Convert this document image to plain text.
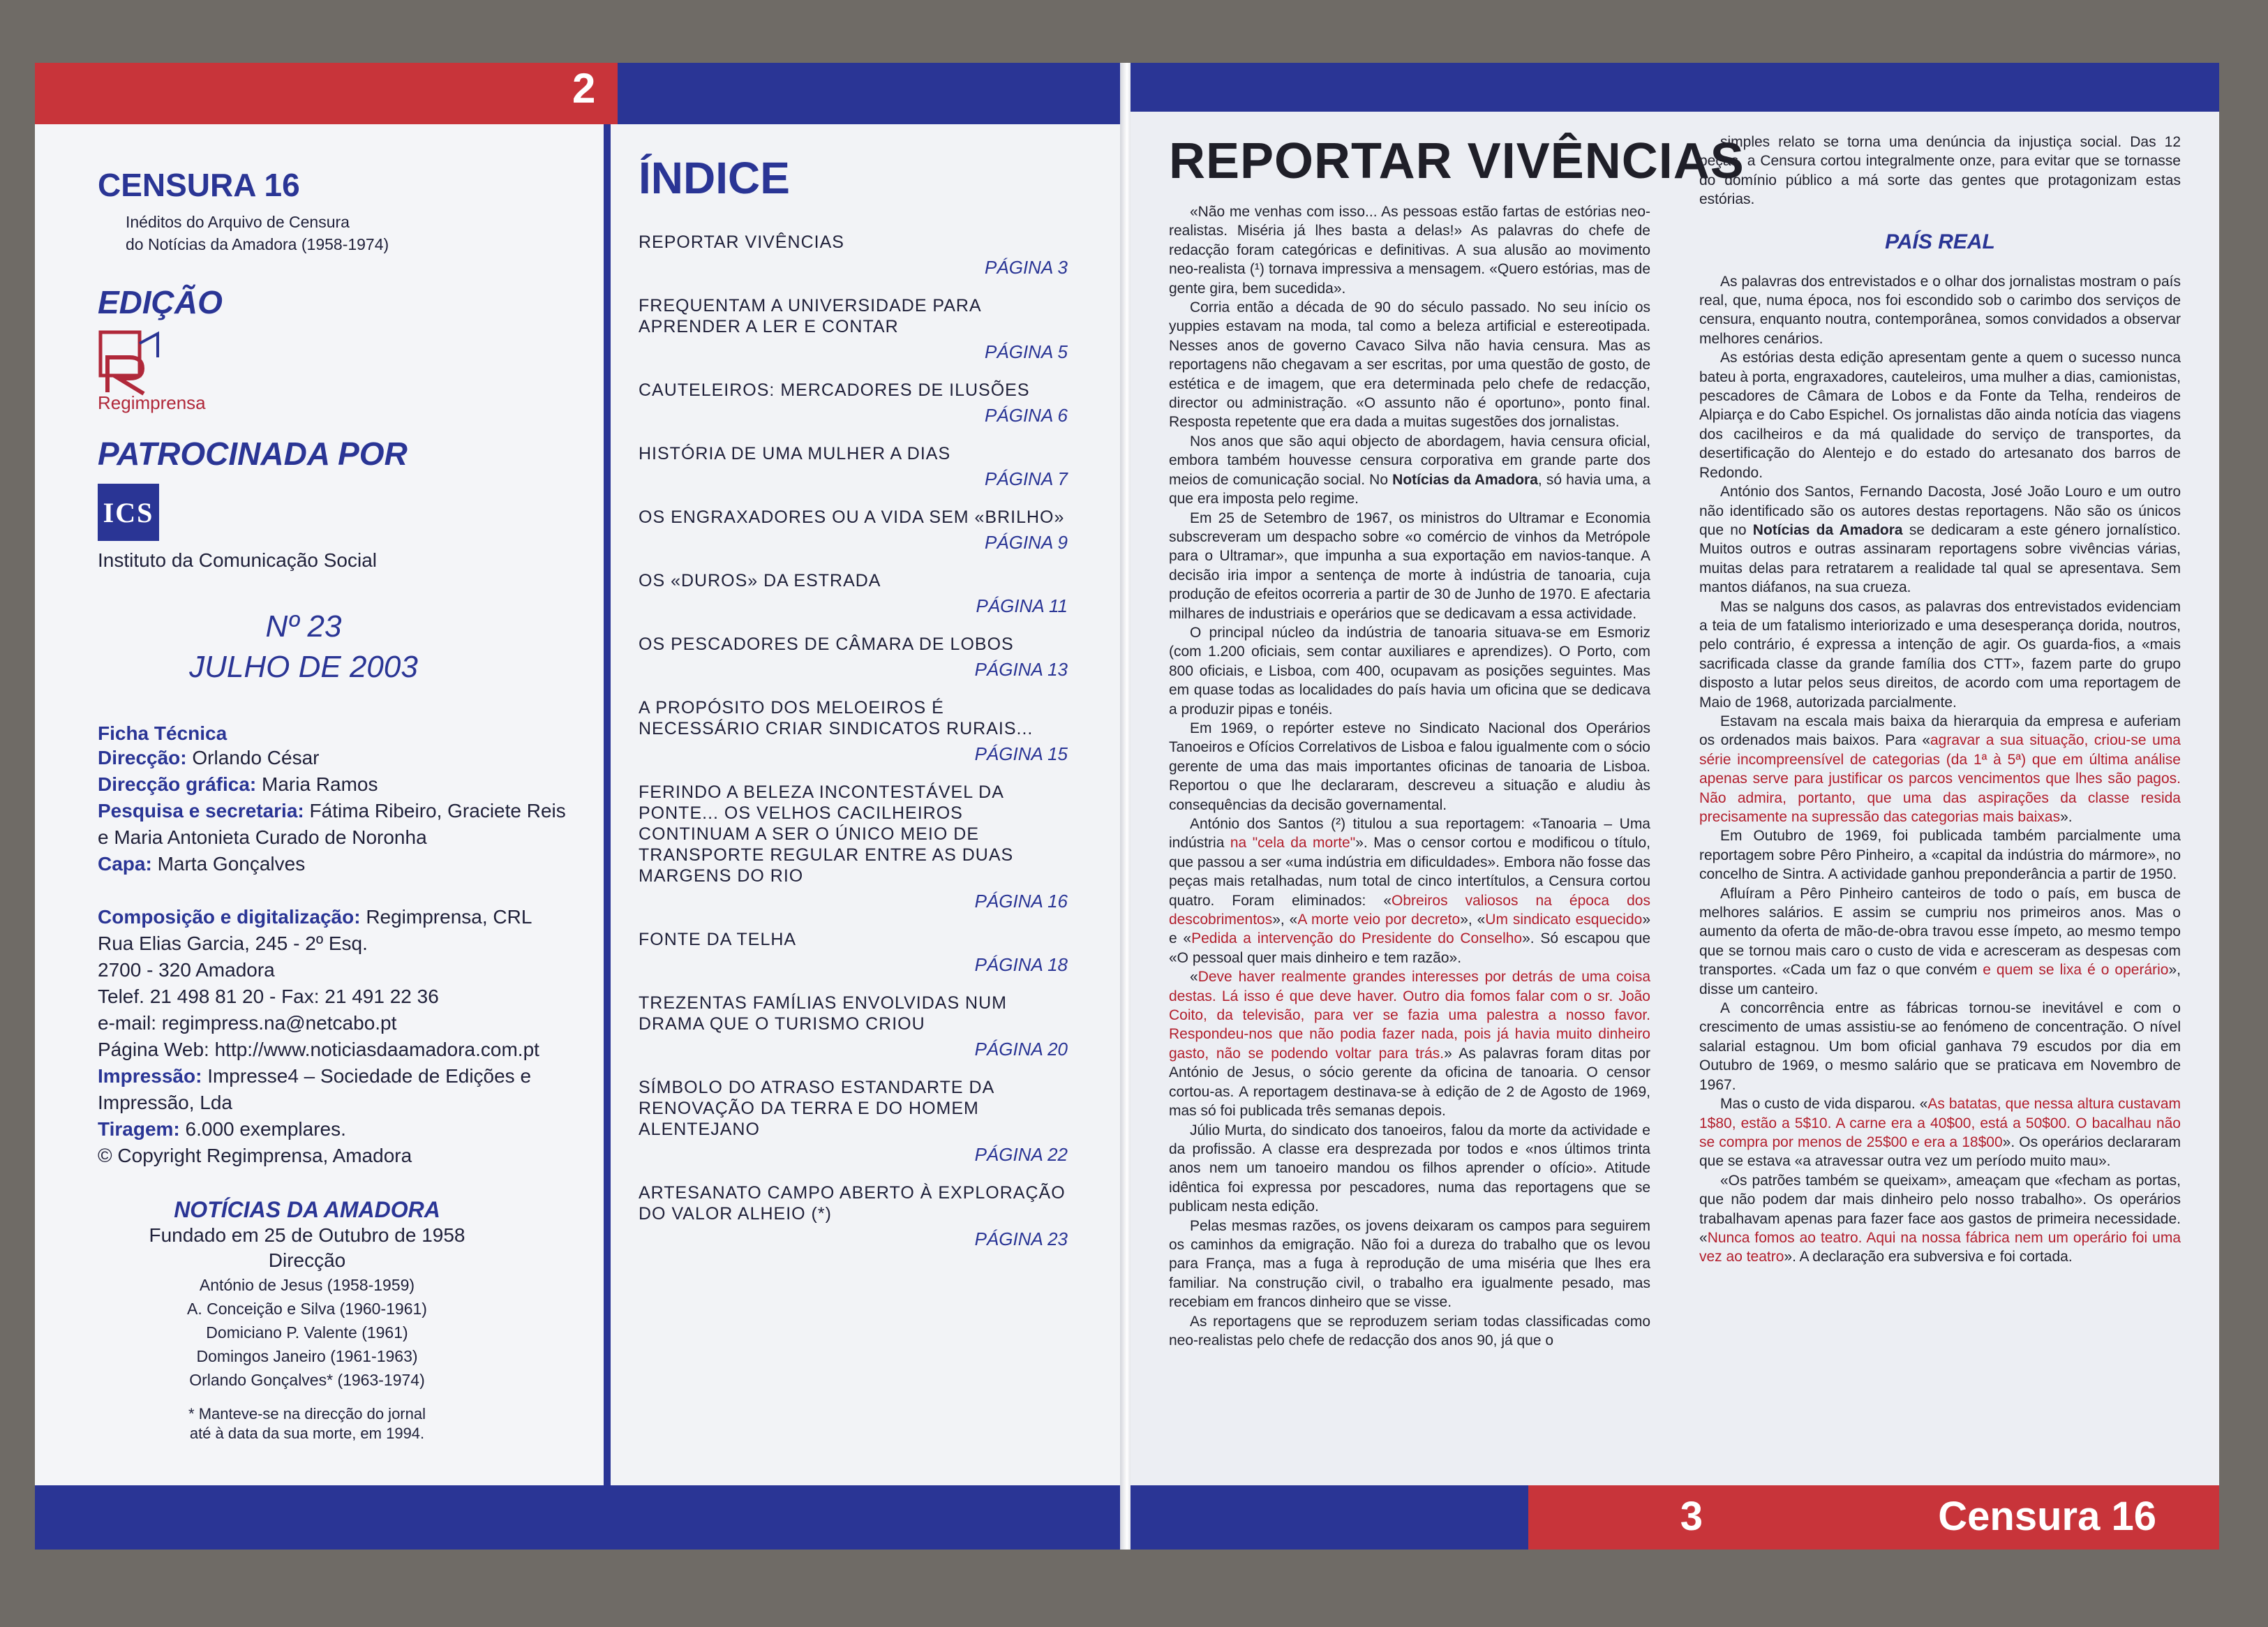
2
CENSURA 16
Inéditos do Arquivo de Censura
do Notícias da Amadora (1958-1974)
EDIÇÃO
Regimprensa
PATROCINADA POR
ICS
Instituto da Comunicação Social
Nº 23
JULHO DE 2003
Ficha Técnica
Direcção: Orlando César
Direcção gráfica: Maria Ramos
Pesquisa e secretaria: Fátima Ribeiro, Graciete Reis e Maria Antonieta Curado de Noronha
Capa: Marta Gonçalves
Composição e digitalização: Regimprensa, CRL
Rua Elias Garcia, 245 - 2º Esq.
2700 - 320 Amadora
Telef. 21 498 81 20 - Fax: 21 491 22 36
e-mail: regimpress.na@netcabo.pt
Página Web: http://www.noticiasdaamadora.com.pt
Impressão: Impresse4 – Sociedade de Edições e Impressão, Lda
Tiragem: 6.000 exemplares.
© Copyright Regimprensa, Amadora
NOTÍCIAS DA AMADORA
Fundado em 25 de Outubro de 1958
Direcção
António de Jesus (1958-1959)
A. Conceição e Silva (1960-1961)
Domiciano P. Valente (1961)
Domingos Janeiro (1961-1963)
Orlando Gonçalves* (1963-1974)
* Manteve-se na direcção do jornal
até à data da sua morte, em 1994.
ÍNDICE
REPORTAR VIVÊNCIAS
PÁGINA 3
FREQUENTAM A UNIVERSIDADE PARA APRENDER A LER E CONTAR
PÁGINA 5
CAUTELEIROS: MERCADORES DE ILUSÕES
PÁGINA 6
HISTÓRIA DE UMA MULHER A DIAS
PÁGINA 7
OS ENGRAXADORES OU A VIDA SEM «BRILHO»
PÁGINA 9
OS «DUROS» DA ESTRADA
PÁGINA 11
OS PESCADORES DE CÂMARA DE LOBOS
PÁGINA 13
A PROPÓSITO DOS MELOEIROS É NECESSÁRIO CRIAR SINDICATOS RURAIS...
PÁGINA 15
FERINDO A BELEZA INCONTESTÁVEL DA PONTE... OS VELHOS CACILHEIROS CONTINUAM A SER O ÚNICO MEIO DE TRANSPORTE REGULAR ENTRE AS DUAS MARGENS DO RIO
PÁGINA 16
FONTE DA TELHA
PÁGINA 18
TREZENTAS FAMÍLIAS ENVOLVIDAS NUM DRAMA QUE O TURISMO CRIOU
PÁGINA 20
SÍMBOLO DO ATRASO ESTANDARTE DA RENOVAÇÃO DA TERRA E DO HOMEM ALENTEJANO
PÁGINA 22
ARTESANATO CAMPO ABERTO À EXPLORAÇÃO DO VALOR ALHEIO (*)
PÁGINA 23
REPORTAR VIVÊNCIAS

«Não me venhas com isso... As pessoas estão fartas de estórias neo-realistas. Miséria já lhes basta a delas!» As palavras do chefe de redacção foram categóricas e definitivas. A sua alusão ao movimento neo-realista (¹) tornava impressiva a mensagem. «Quero estórias, mas de gente gira, bem sucedida».

Corria então a década de 90 do século passado. No seu início os yuppies estavam na moda, tal como a beleza artificial e estereotipada. Nesses anos de governo Cavaco Silva não havia censura. Mas as reportagens não chegavam a ser escritas, por uma questão de gosto, de estética e de imagem, que era determinada pelo chefe de redacção, director ou administração. «O assunto não é oportuno», ponto final. Resposta repetente que era dada a muitas sugestões dos jornalistas.

Nos anos que são aqui objecto de abordagem, havia censura oficial, embora também houvesse censura corporativa em grande parte dos meios de comunicação social. No Notícias da Amadora, só havia uma, a que era imposta pelo regime.

Em 25 de Setembro de 1967, os ministros do Ultramar e Economia subscreveram um despacho sobre «o comércio de vinhos da Metrópole para o Ultramar», que impunha a sua exportação em navios-tanque. A decisão iria impor a sentença de morte à indústria de tanoaria, cuja produção de efeitos ocorreria a partir de 30 de Junho de 1970. E afectaria milhares de industriais e operários que se dedicavam a essa actividade.

O principal núcleo da indústria de tanoaria situava-se em Esmoriz (com 1.200 oficiais, sem contar auxiliares e aprendizes). O Porto, com 800 oficiais, e Lisboa, com 400, ocupavam as posições seguintes. Mas em quase todas as localidades do país havia um oficina que se dedicava a produzir pipas e tonéis.

Em 1969, o repórter esteve no Sindicato Nacional dos Operários Tanoeiros e Ofícios Correlativos de Lisboa e falou igualmente com o sócio gerente de uma das mais importantes oficinas de tanoaria de Lisboa. Reportou o que lhe declararam, descreveu a situação e aludiu às consequências da decisão governamental.

António dos Santos (²) titulou a sua reportagem: «Tanoaria – Uma indústria na "cela da morte"». Mas o censor cortou e modificou o título, que passou a ser «uma indústria em dificuldades». Embora não fosse das peças mais retalhadas, num total de cinco intertítulos, a Censura cortou quatro. Foram eliminados: «Obreiros valiosos na época dos descobrimentos», «A morte veio por decreto», «Um sindicato esquecido» e «Pedida a intervenção do Presidente do Conselho». Só escapou que «O pessoal quer mais dinheiro e tem razão».

«Deve haver realmente grandes interesses por detrás de uma coisa destas. Lá isso é que deve haver. Outro dia fomos falar com o sr. João Coito, da televisão, para ver se fazia uma palestra a nosso favor. Respondeu-nos que não podia fazer nada, pois já havia muito dinheiro gasto, não se podendo voltar para trás.» As palavras foram ditas por António de Jesus, o sócio gerente da oficina de tanoaria. O censor cortou-as. A reportagem destinava-se à edição de 2 de Agosto de 1969, mas só foi publicada três semanas depois.

Júlio Murta, do sindicato dos tanoeiros, falou da morte da actividade e da profissão. A classe era desprezada por todos e «nos últimos trinta anos nem um tanoeiro mandou os filhos aprender o ofício». Atitude idêntica foi expressa por pescadores, numa das reportagens que se publicam nesta edição.

Pelas mesmas razões, os jovens deixaram os campos para seguirem os caminhos da emigração. Não foi a dureza do trabalho que os levou para França, mas a fuga à reprodução de uma miséria que lhes era familiar. Na construção civil, o trabalho era igualmente pesado, mas recebiam em francos dinheiro que se visse.

As reportagens que se reproduzem seriam todas classificadas como neo-realistas pelo chefe de redacção dos anos 90, já que o

simples relato se torna uma denúncia da injustiça social. Das 12 peças, a Censura cortou integralmente onze, para evitar que se tornasse do domínio público a má sorte das gentes que protagonizam estas estórias.

PAÍS REAL

As palavras dos entrevistados e o olhar dos jornalistas mostram o país real, que, numa época, nos foi escondido sob o carimbo dos serviços de censura, enquanto noutra, contemporânea, somos convidados a observar melhores cenários.

As estórias desta edição apresentam gente a quem o sucesso nunca bateu à porta, engraxadores, cauteleiros, uma mulher a dias, camionistas, pescadores de Câmara de Lobos e da Fonte da Telha, rendeiros de Alpiarça e do Cabo Espichel. Os jornalistas dão ainda notícia das viagens dos cacilheiros e da má qualidade do serviço de transportes, da desertificação do Alentejo e do estado do artesanato dos barros de Redondo.

António dos Santos, Fernando Dacosta, José João Louro e um outro não identificado são os autores destas reportagens. Não são os únicos que no Notícias da Amadora se dedicaram a este género jornalístico. Muitos outros e outras assinaram reportagens sobre vivências várias, muitas delas para retratarem a realidade tal qual se apresentava. Sem mantos diáfanos, na sua crueza.

Mas se nalguns dos casos, as palavras dos entrevistados evidenciam a teia de um fatalismo interiorizado e uma desesperança dorida, noutros, pelo contrário, é expressa a intenção de agir. Os guarda-fios, a «mais sacrificada classe da grande família dos CTT», fazem parte do grupo disposto a lutar pelos seus direitos, de acordo com uma reportagem de Maio de 1968, autorizada parcialmente.

Estavam na escala mais baixa da hierarquia da empresa e auferiam os ordenados mais baixos. Para «agravar a sua situação, criou-se uma série incompreensível de categorias (da 1ª à 5ª) que em última análise apenas serve para justificar os parcos vencimentos que lhes são pagos. Não admira, portanto, que uma das aspirações da classe resida precisamente na supressão das categorias mais baixas».

Em Outubro de 1969, foi publicada também parcialmente uma reportagem sobre Pêro Pinheiro, a «capital da indústria do mármore», no concelho de Sintra. A actividade ganhou preponderância a partir de 1950.

Afluíram a Pêro Pinheiro canteiros de todo o país, em busca de melhores salários. E assim se cumpriu nos primeiros anos. Mas o aumento da oferta de mão-de-obra travou esse ímpeto, ao mesmo tempo que se tornou mais caro o custo de vida e acresceram as despesas com transportes. «Cada um faz o que convém e quem se lixa é o operário», disse um canteiro.

A concorrência entre as fábricas tornou-se inevitável e com o crescimento de umas assistiu-se ao fenómeno de concentração. O nível salarial estagnou. Um bom oficial ganhava 79 escudos por dia em Outubro de 1969, o mesmo salário que se praticava em Novembro de 1967.

Mas o custo de vida disparou. «As batatas, que nessa altura custavam 1$80, estão a 5$10. A carne era a 40$00, está a 50$00. O bacalhau não se compra por menos de 25$00 e era a 18$00». Os operários declararam que se estava «a atravessar outra vez um período muito mau».

«Os patrões também se queixam», ameaçam que «fecham as portas, que não podem dar mais dinheiro pelo nosso trabalho». Os operários trabalhavam apenas para fazer face aos gastos de primeira necessidade. «Nunca fomos ao teatro. Aqui na nossa fábrica nem um operário foi uma vez ao teatro». A declaração era subversiva e foi cortada.

3	Censura 16
